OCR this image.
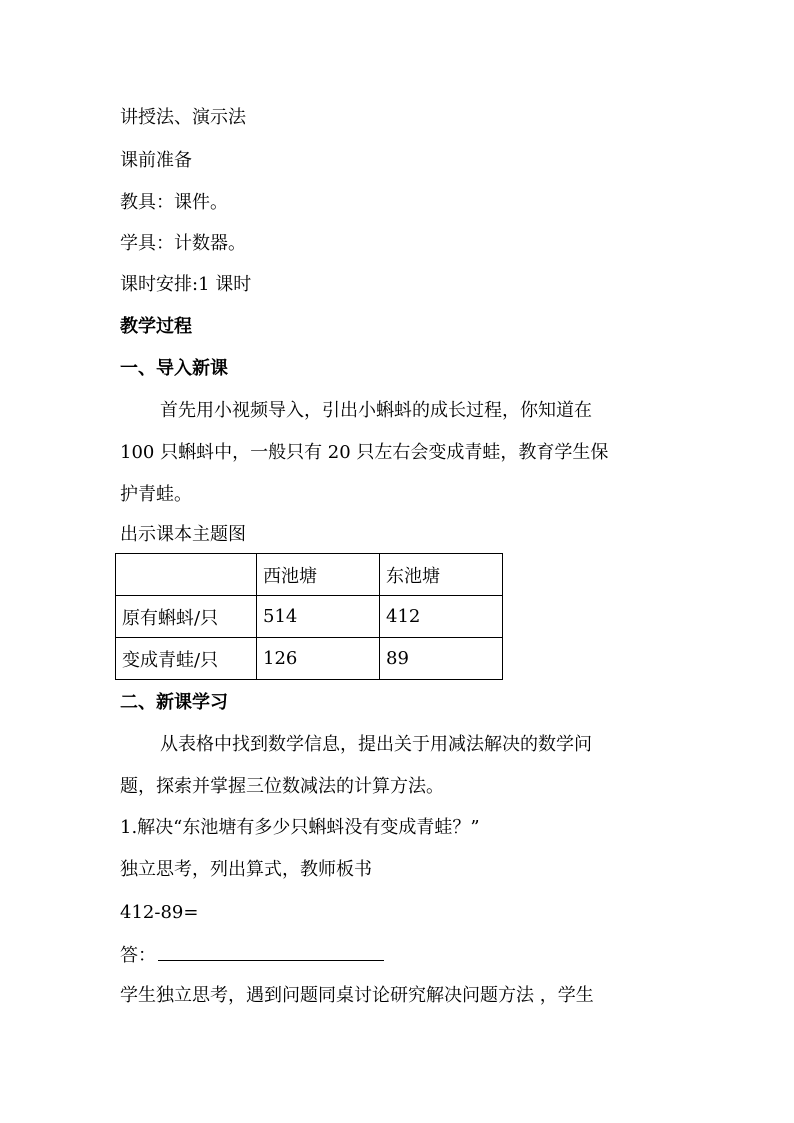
讲授法、演示法
课前准备
教具：课件。
学具：计数器。
课时安排:1 课时
教学过程
一、导入新课
首先用小视频导入，引出小蝌蚪的成长过程，你知道在
100 只蝌蚪中，一般只有 20 只左右会变成青蛙，教育学生保
护青蛙。
出示课本主题图
	西池塘	东池塘
原有蝌蚪/只	514	412
变成青蛙/只	126	89
二、新课学习
从表格中找到数学信息，提出关于用减法解决的数学问
题，探索并掌握三位数减法的计算方法。
1.解决“东池塘有多少只蝌蚪没有变成青蛙？”
独立思考，列出算式，教师板书
412-89=
答：
学生独立思考，遇到问题同桌讨论研究解决问题方法 ，学生
